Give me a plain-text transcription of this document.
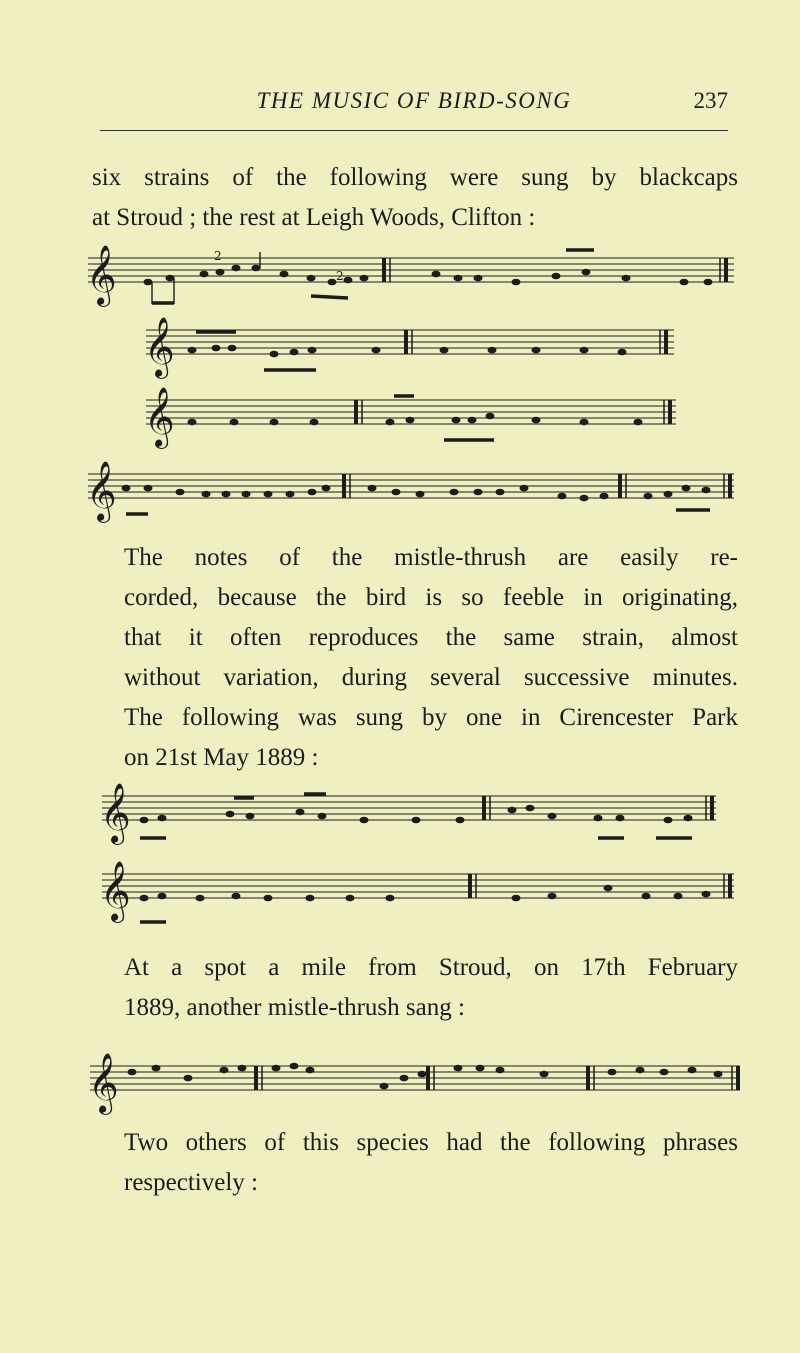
THE MUSIC OF BIRD-SONG	237
six strains of the following were sung by blackcaps
at Stroud ; the rest at Leigh Woods, Clifton :
𝄞	2
2
𝄞
𝄞
𝄞
The notes of the mistle-thrush are easily re-
corded, because the bird is so feeble in originating,
that it often reproduces the same strain, almost
without variation, during several successive minutes.
The following was sung by one in Cirencester Park
on 21st May 1889 :
𝄞
𝄞
At a spot a mile from Stroud, on 17th February
1889, another mistle-thrush sang :
𝄞
Two others of this species had the following phrases
respectively :
